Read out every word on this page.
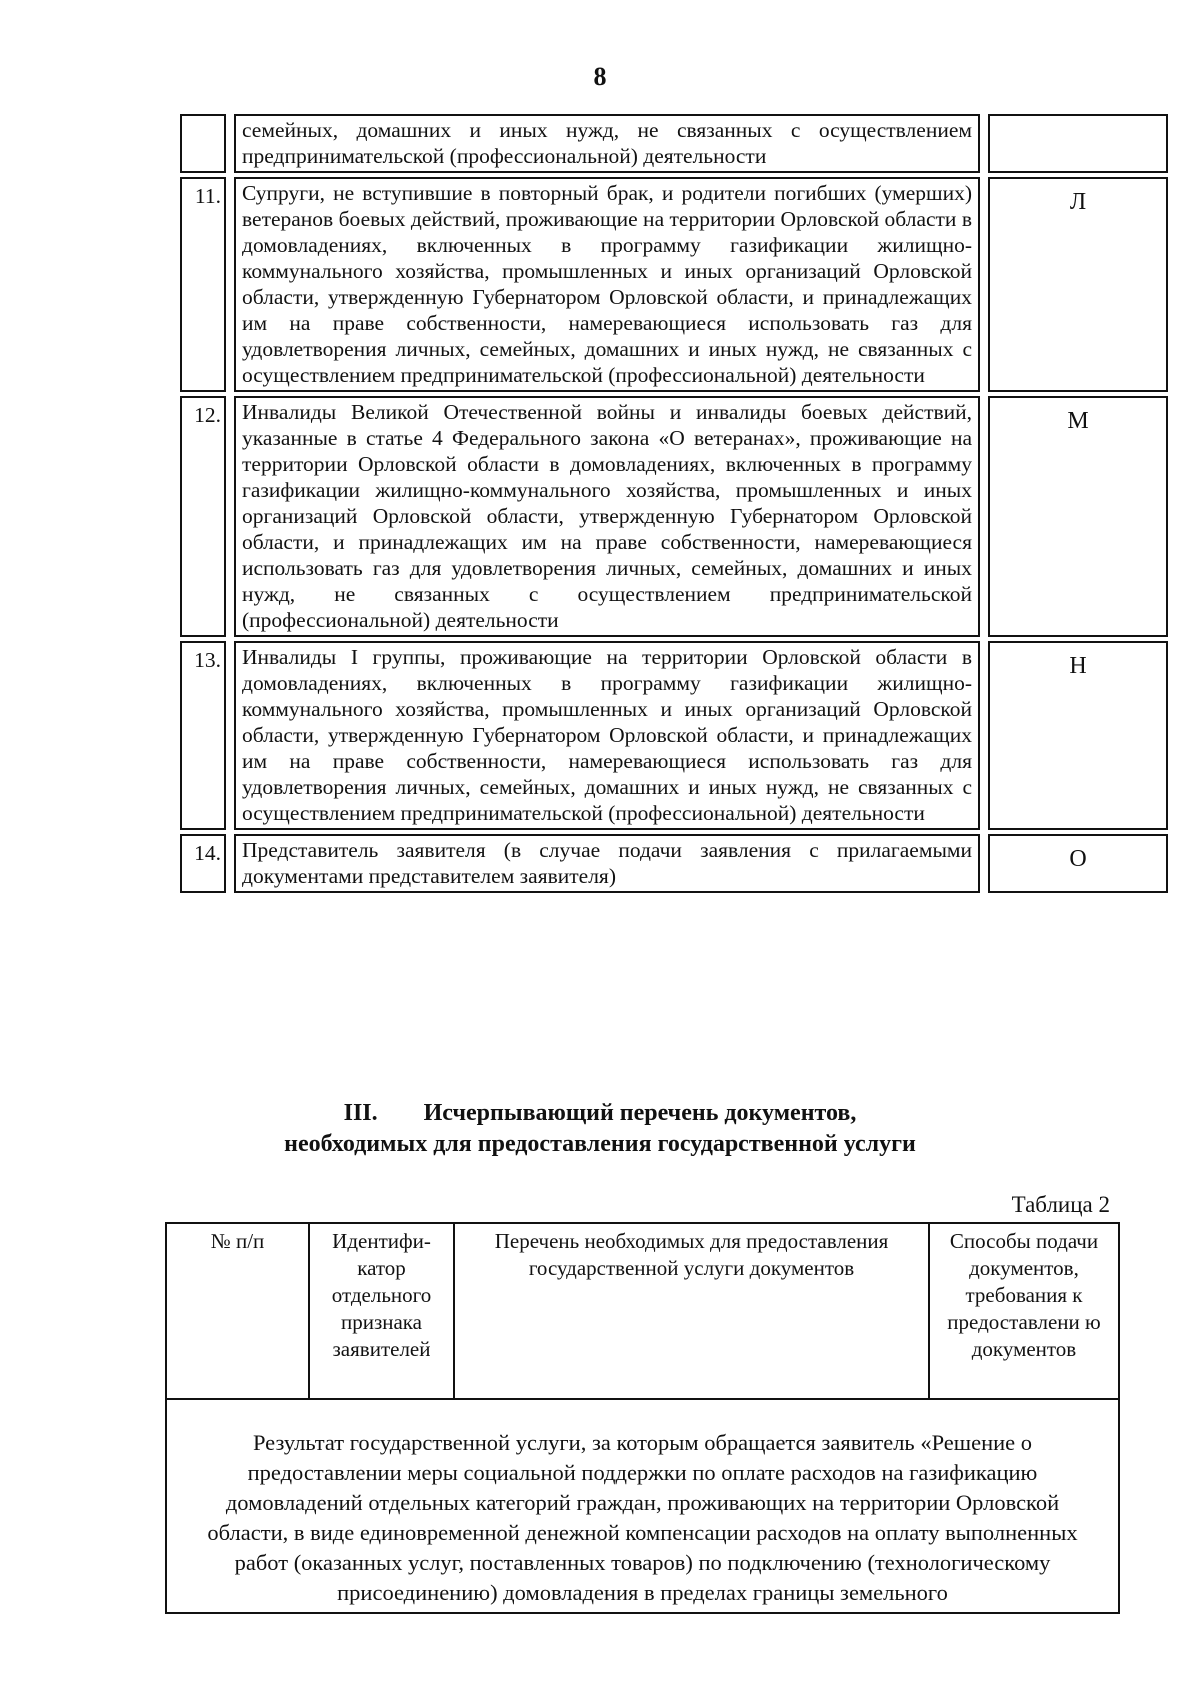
8
семейных, домашних и иных нужд, не связанных с осуществлением предпринимательской (профессиональной) деятельности
11. Супруги, не вступившие в повторный брак, и родители погибших (умерших) ветеранов боевых действий, проживающие на территории Орловской области в домовладениях, включенных в программу газификации жилищно-коммунального хозяйства, промышленных и иных организаций Орловской области, утвержденную Губернатором Орловской области, и принадлежащих им на праве собственности, намеревающиеся использовать газ для удовлетворения личных, семейных, домашних и иных нужд, не связанных с осуществлением предпринимательской (профессиональной) деятельности
Л
12. Инвалиды Великой Отечественной войны и инвалиды боевых действий, указанные в статье 4 Федерального закона «О ветеранах», проживающие на территории Орловской области в домовладениях, включенных в программу газификации жилищно-коммунального хозяйства, промышленных и иных организаций Орловской области, утвержденную Губернатором Орловской области, и принадлежащих им на праве собственности, намеревающиеся использовать газ для удовлетворения личных, семейных, домашних и иных нужд, не связанных с осуществлением предпринимательской (профессиональной) деятельности
М
13. Инвалиды I группы, проживающие на территории Орловской области в домовладениях, включенных в программу газификации жилищно-коммунального хозяйства, промышленных и иных организаций Орловской области, утвержденную Губернатором Орловской области, и принадлежащих им на праве собственности, намеревающиеся использовать газ для удовлетворения личных, семейных, домашних и иных нужд, не связанных с осуществлением предпринимательской (профессиональной) деятельности
Н
14. Представитель заявителя (в случае подачи заявления с прилагаемыми документами представителем заявителя)
О
III. Исчерпывающий перечень документов,
необходимых для предоставления государственной услуги
Таблица 2
№ п/п	Идентифи-катор отдельного признака заявителей
Перечень необходимых для предоставления государственной услуги документов
Способы подачи документов, требования к предоставлени ю документов
Результат государственной услуги, за которым обращается заявитель «Решение о предоставлении меры социальной поддержки по оплате расходов на газификацию домовладений отдельных категорий граждан, проживающих на территории Орловской области, в виде единовременной денежной компенсации расходов на оплату выполненных работ (оказанных услуг, поставленных товаров) по подключению (технологическому присоединению) домовладения в пределах границы земельного
